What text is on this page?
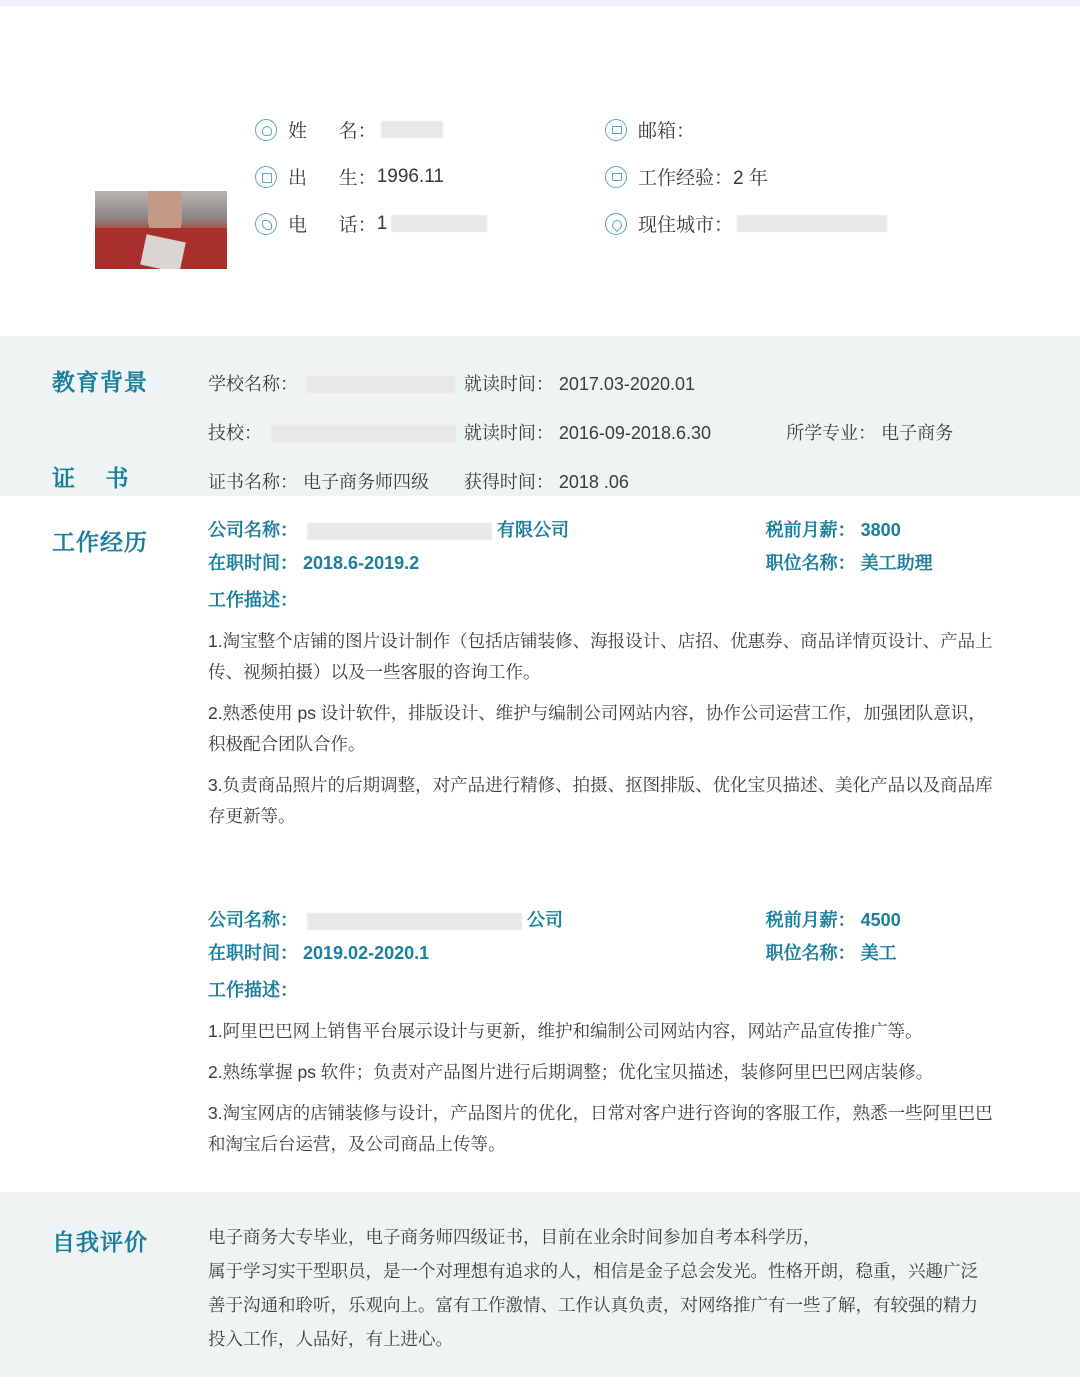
姓      名：	邮箱：
出      生： 1996.11	工作经验： 2 年
电      话： 1	现住城市：
教育背景	学校名称：	就读时间： 2017.03-2020.01
技校：	就读时间： 2016-09-2018.6.30	所学专业： 电子商务
证书名称： 电子商务师四级	获得时间： 2018 .06
证    书
工作经历	公司名称：	有限公司	税前月薪： 3800
在职时间： 2018.6-2019.2	职位名称： 美工助理
工作描述：

1.淘宝整个店铺的图片设计制作（包括店铺装修、海报设计、店招、优惠券、商品详情页设计、产品上传、视频拍摄）以及一些客服的咨询工作。

2.熟悉使用 ps 设计软件，排版设计、维护与编制公司网站内容，协作公司运营工作，加强团队意识，积极配合团队合作。

3.负责商品照片的后期调整，对产品进行精修、拍摄、抠图排版、优化宝贝描述、美化产品以及商品库存更新等。

公司名称：	公司	税前月薪： 4500
在职时间： 2019.02-2020.1	职位名称： 美工
工作描述：

1.阿里巴巴网上销售平台展示设计与更新，维护和编制公司网站内容，网站产品宣传推广等。

2.熟练掌握 ps 软件；负责对产品图片进行后期调整；优化宝贝描述，装修阿里巴巴网店装修。

3.淘宝网店的店铺装修与设计，产品图片的优化，日常对客户进行咨询的客服工作，熟悉一些阿里巴巴和淘宝后台运营，及公司商品上传等。

自我评价	电子商务大专毕业，电子商务师四级证书，目前在业余时间参加自考本科学历，
属于学习实干型职员，是一个对理想有追求的人，相信是金子总会发光。性格开朗，稳重，兴趣广泛
善于沟通和聆听，乐观向上。富有工作激情、工作认真负责，对网络推广有一些了解，有较强的精力
投入工作，人品好，有上进心。
